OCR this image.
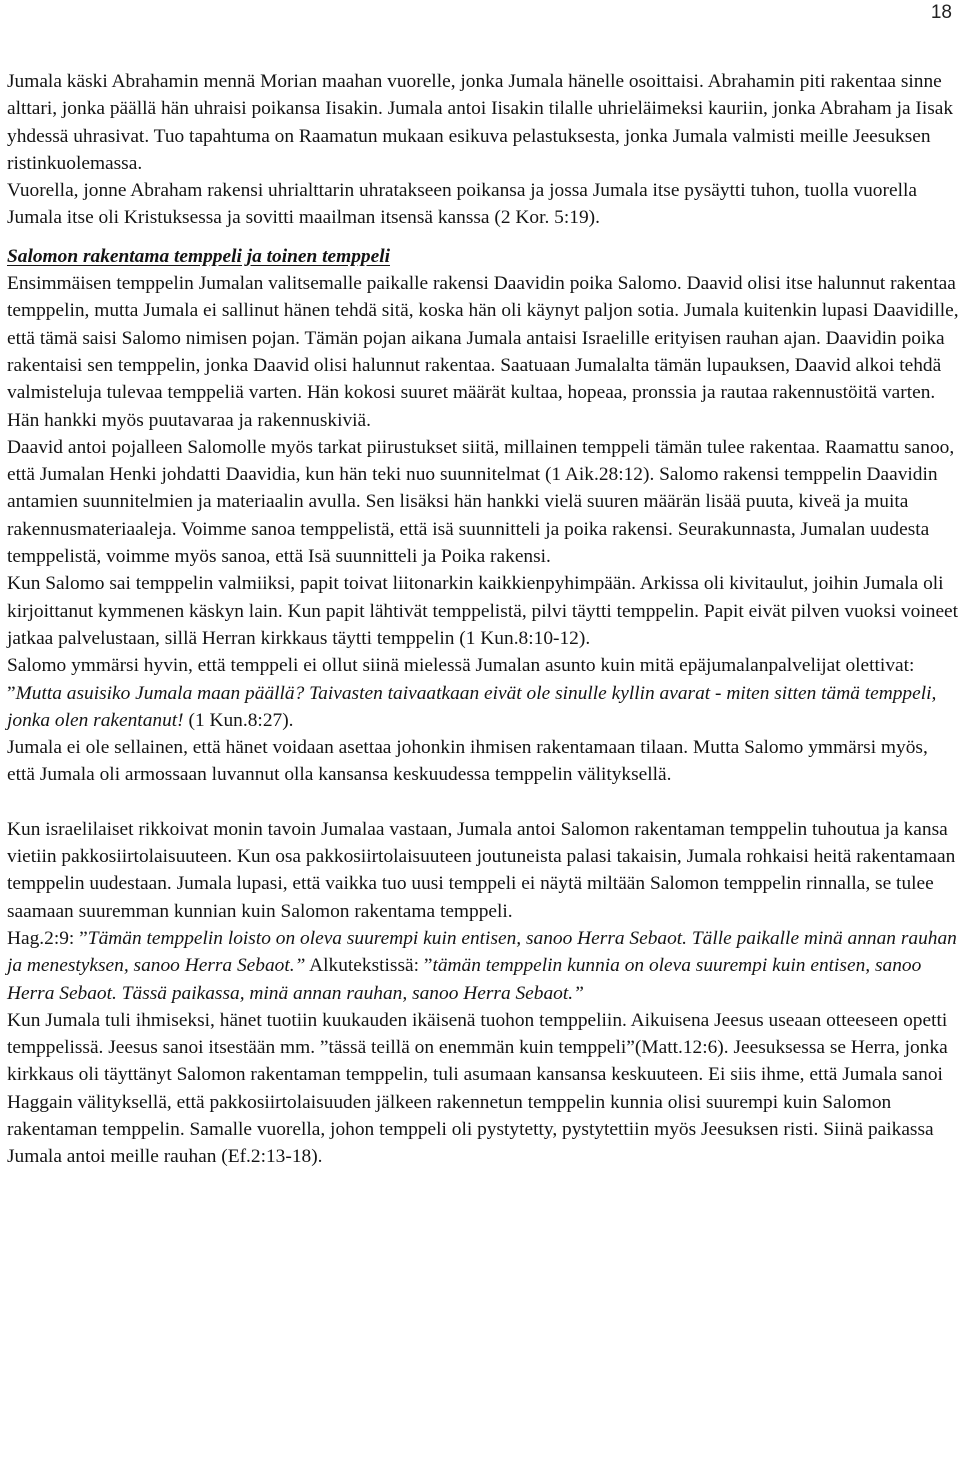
18

Jumala käski Abrahamin mennä Morian maahan vuorelle, jonka Jumala hänelle osoittaisi. Abrahamin piti rakentaa sinne alttari, jonka päällä hän uhraisi poikansa Iisakin. Jumala antoi Iisakin tilalle uhrieläimeksi kauriin, jonka Abraham ja Iisak yhdessä uhrasivat. Tuo tapahtuma on Raamatun mukaan esikuva pelastuksesta, jonka Jumala valmisti meille Jeesuksen ristinkuolemassa.

Vuorella, jonne Abraham rakensi uhrialttarin uhratakseen poikansa ja jossa Jumala itse pysäytti tuhon, tuolla vuorella Jumala itse oli Kristuksessa ja sovitti maailman itsensä kanssa (2 Kor. 5:19).

Salomon rakentama temppeli ja toinen temppeli

Ensimmäisen temppelin Jumalan valitsemalle paikalle rakensi Daavidin poika Salomo. Daavid olisi itse halunnut rakentaa temppelin, mutta Jumala ei sallinut hänen tehdä sitä, koska hän oli käynyt paljon sotia. Jumala kuitenkin lupasi Daavidille, että tämä saisi Salomo nimisen pojan. Tämän pojan aikana Jumala antaisi Israelille erityisen rauhan ajan. Daavidin poika rakentaisi sen temppelin, jonka Daavid olisi halunnut rakentaa. Saatuaan Jumalalta tämän lupauksen, Daavid alkoi tehdä valmisteluja tulevaa temppeliä varten. Hän kokosi suuret määrät kultaa, hopeaa, pronssia ja rautaa rakennustöitä varten. Hän hankki myös puutavaraa ja rakennuskiviä.

Daavid antoi pojalleen Salomolle myös tarkat piirustukset siitä, millainen temppeli tämän tulee rakentaa. Raamattu sanoo, että Jumalan Henki johdatti Daavidia, kun hän teki nuo suunnitelmat (1 Aik.28:12). Salomo rakensi temppelin Daavidin antamien suunnitelmien ja materiaalin avulla. Sen lisäksi hän hankki vielä suuren määrän lisää puuta, kiveä ja muita rakennusmateriaaleja. Voimme sanoa temppelistä, että isä suunnitteli ja poika rakensi. Seurakunnasta, Jumalan uudesta temppelistä, voimme myös sanoa, että Isä suunnitteli ja Poika rakensi.

Kun Salomo sai temppelin valmiiksi, papit toivat liitonarkin kaikkienpyhimpään. Arkissa oli kivitaulut, joihin Jumala oli kirjoittanut kymmenen käskyn lain. Kun papit lähtivät temppelistä, pilvi täytti temppelin. Papit eivät pilven vuoksi voineet jatkaa palvelustaan, sillä Herran kirkkaus täytti temppelin (1 Kun.8:10-12).

Salomo ymmärsi hyvin, että temppeli ei ollut siinä mielessä Jumalan asunto kuin mitä epäjumalanpalvelijat olettivat: ”Mutta asuisiko Jumala maan päällä? Taivasten taivaatkaan eivät ole sinulle kyllin avarat - miten sitten tämä temppeli, jonka olen rakentanut! (1 Kun.8:27).

Jumala ei ole sellainen, että hänet voidaan asettaa johonkin ihmisen rakentamaan tilaan. Mutta Salomo ymmärsi myös, että Jumala oli armossaan luvannut olla kansansa keskuudessa temppelin välityksellä.

Kun israelilaiset rikkoivat monin tavoin Jumalaa vastaan, Jumala antoi Salomon rakentaman temppelin tuhoutua ja kansa vietiin pakkosiirtolaisuuteen. Kun osa pakkosiirtolaisuuteen joutuneista palasi takaisin, Jumala rohkaisi heitä rakentamaan temppelin uudestaan. Jumala lupasi, että vaikka tuo uusi temppeli ei näytä miltään Salomon temppelin rinnalla, se tulee saamaan suuremman kunnian kuin Salomon rakentama temppeli.

Hag.2:9: ”Tämän temppelin loisto on oleva suurempi kuin entisen, sanoo Herra Sebaot. Tälle paikalle minä annan rauhan ja menestyksen, sanoo Herra Sebaot.” Alkutekstissä: ”tämän temppelin kunnia on oleva suurempi kuin entisen, sanoo Herra Sebaot. Tässä paikassa, minä annan rauhan, sanoo Herra Sebaot.”

Kun Jumala tuli ihmiseksi, hänet tuotiin kuukauden ikäisenä tuohon temppeliin. Aikuisena Jeesus useaan otteeseen opetti temppelissä. Jeesus sanoi itsestään mm. ”tässä teillä on enemmän kuin temppeli”(Matt.12:6). Jeesuksessa se Herra, jonka kirkkaus oli täyttänyt Salomon rakentaman temppelin, tuli asumaan kansansa keskuuteen. Ei siis ihme, että Jumala sanoi Haggain välityksellä, että pakkosiirtolaisuuden jälkeen rakennetun temppelin kunnia olisi suurempi kuin Salomon rakentaman temppelin. Samalle vuorella, johon temppeli oli pystytetty, pystytettiin myös Jeesuksen risti. Siinä paikassa Jumala antoi meille rauhan (Ef.2:13-18).
